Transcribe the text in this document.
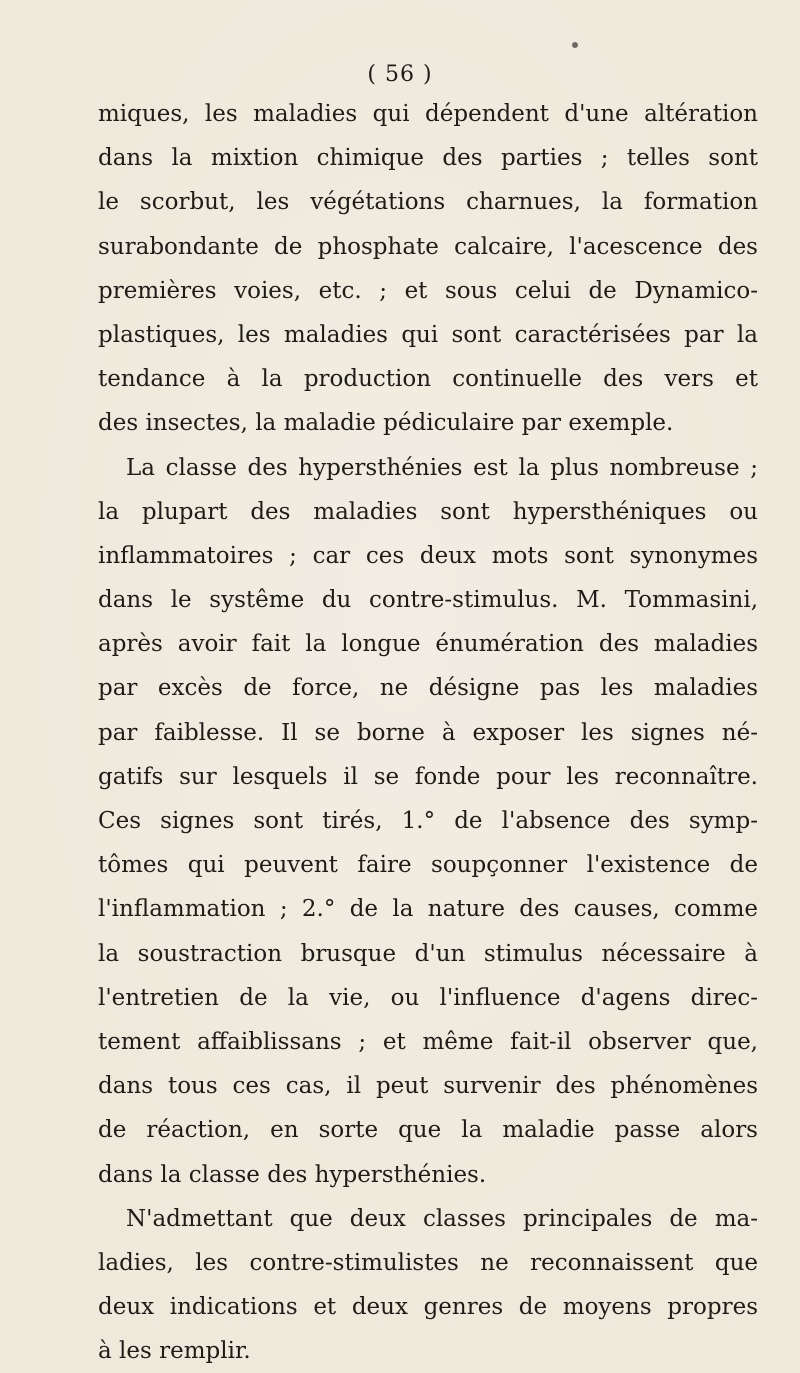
( 56 )
miques, les maladies qui dépendent d'une altération
dans la mixtion chimique des parties ; telles sont
le scorbut, les végétations charnues, la formation
surabondante de phosphate calcaire, l'acescence des
premières voies, etc. ; et sous celui de Dynamico-
plastiques, les maladies qui sont caractérisées par la
tendance à la production continuelle des vers et
des insectes, la maladie pédiculaire par exemple.
La classe des hypersthénies est la plus nombreuse ;
la plupart des maladies sont hypersthéniques ou
inflammatoires ; car ces deux mots sont synonymes
dans le systême du contre-stimulus. M. Tommasini,
après avoir fait la longue énumération des maladies
par excès de force, ne désigne pas les maladies
par faiblesse. Il se borne à exposer les signes né-
gatifs sur lesquels il se fonde pour les reconnaître.
Ces signes sont tirés, 1.° de l'absence des symp-
tômes qui peuvent faire soupçonner l'existence de
l'inflammation ; 2.° de la nature des causes, comme
la soustraction brusque d'un stimulus nécessaire à
l'entretien de la vie, ou l'influence d'agens direc-
tement affaiblissans ; et même fait-il observer que,
dans tous ces cas, il peut survenir des phénomènes
de réaction, en sorte que la maladie passe alors
dans la classe des hypersthénies.
N'admettant que deux classes principales de ma-
ladies, les contre-stimulistes ne reconnaissent que
deux indications et deux genres de moyens propres
à les remplir.
